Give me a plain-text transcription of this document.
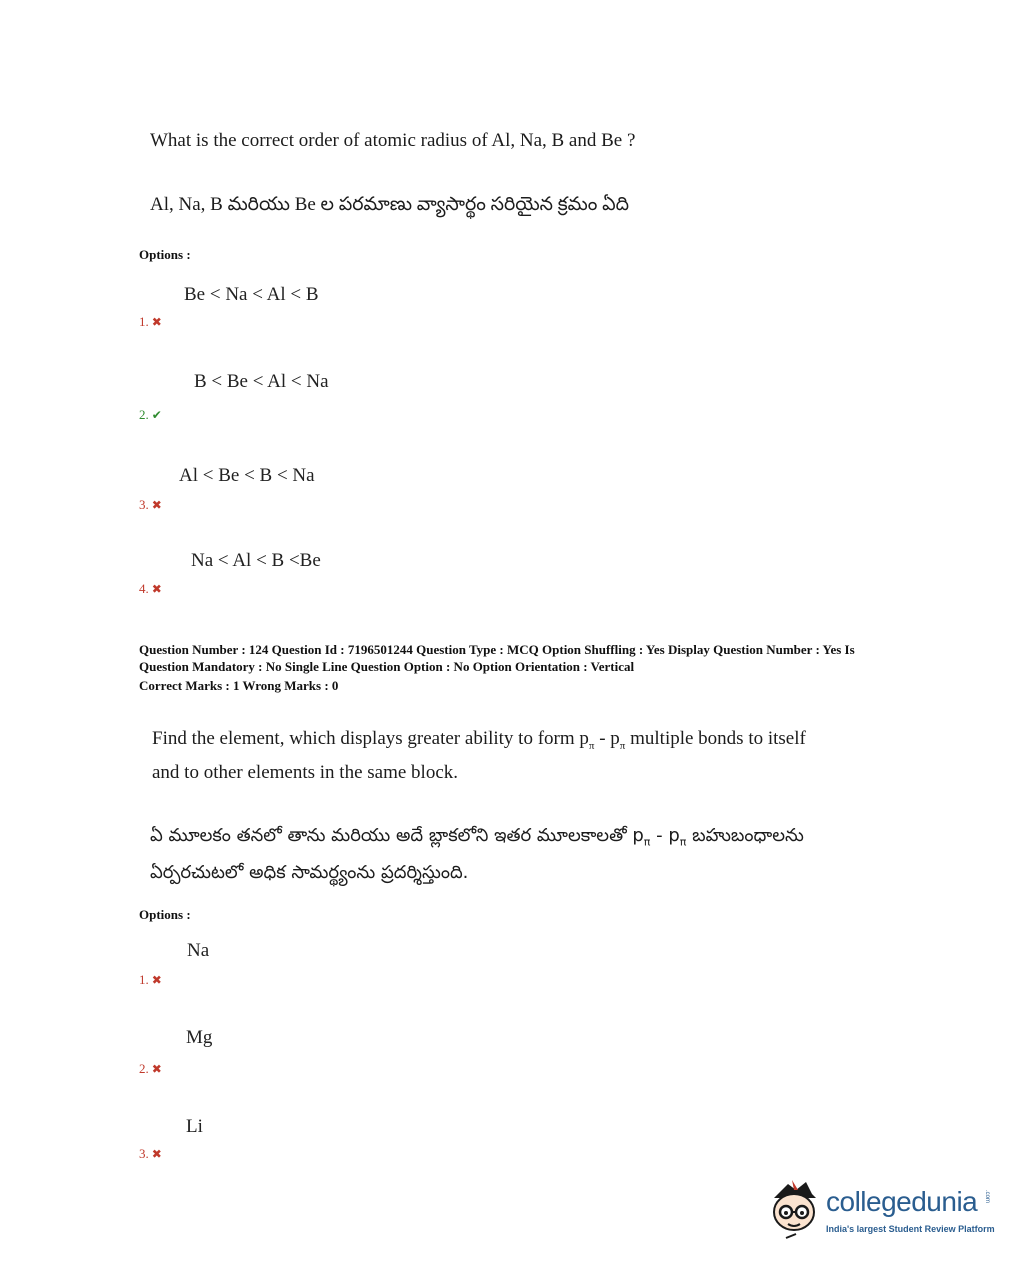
What is the correct order of atomic radius of Al, Na, B and Be ?
Al, Na, B మరియు Be ల పరమాణు వ్యాసార్థం సరియైన క్రమం ఏది
Options :
Be < Na < Al < B
1. ✖
B < Be < Al < Na
2. ✔
Al < Be < B < Na
3. ✖
Na < Al < B <Be
4. ✖
Question Number : 124 Question Id : 7196501244 Question Type : MCQ Option Shuffling : Yes Display Question Number : Yes Is
Question Mandatory : No Single Line Question Option : No Option Orientation : Vertical
Correct Marks : 1 Wrong Marks : 0
Find the element, which displays greater ability to form $p_\pi - p_\pi$ multiple bonds to itself
and to other elements in the same block.
ఏ మూలకం తనలో తాను మరియు అదే బ్లాకలోని ఇతర మూలకాలతో $p_\pi - p_\pi$ బహుబంధాలను
ఏర్పరచుటలో అధిక సామర్థ్యంను ప్రదర్శిస్తుంది.
Options :
Na
1. ✖
Mg
2. ✖
Li
3. ✖
collegedunia .com
India's largest Student Review Platform
